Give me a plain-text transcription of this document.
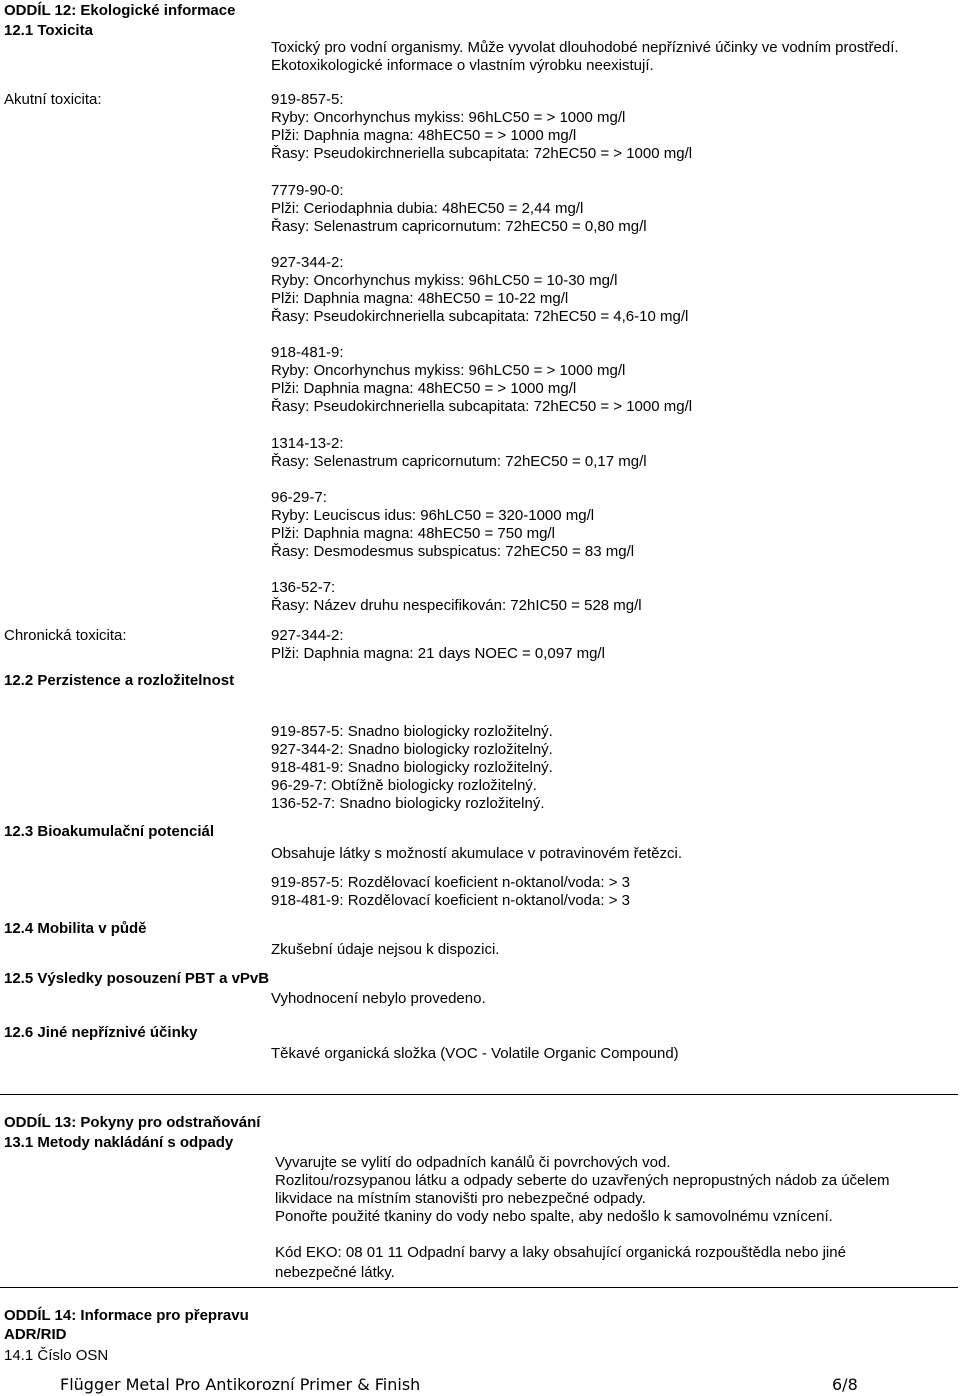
ODDÍL 12: Ekologické informace
12.1 Toxicita
Toxický pro vodní organismy. Může vyvolat dlouhodobé nepříznivé účinky ve vodním prostředí.
Ekotoxikologické informace o vlastním výrobku neexistují.
Akutní toxicita:	919-857-5:
Ryby: Oncorhynchus mykiss: 96hLC50 = > 1000 mg/l
Plži: Daphnia magna: 48hEC50 = > 1000 mg/l
Řasy: Pseudokirchneriella subcapitata: 72hEC50 = > 1000 mg/l
7779-90-0:
Plži: Ceriodaphnia dubia: 48hEC50 = 2,44 mg/l
Řasy: Selenastrum capricornutum: 72hEC50 = 0,80 mg/l
927-344-2:
Ryby: Oncorhynchus mykiss: 96hLC50 = 10-30 mg/l
Plži: Daphnia magna: 48hEC50 = 10-22 mg/l
Řasy: Pseudokirchneriella subcapitata: 72hEC50 = 4,6-10 mg/l
918-481-9:
Ryby: Oncorhynchus mykiss: 96hLC50 = > 1000 mg/l
Plži: Daphnia magna: 48hEC50 = > 1000 mg/l
Řasy: Pseudokirchneriella subcapitata: 72hEC50 = > 1000 mg/l
1314-13-2:
Řasy: Selenastrum capricornutum: 72hEC50 = 0,17 mg/l
96-29-7:
Ryby: Leuciscus idus: 96hLC50 = 320-1000 mg/l
Plži: Daphnia magna: 48hEC50 = 750 mg/l
Řasy: Desmodesmus subspicatus: 72hEC50 = 83 mg/l
136-52-7:
Řasy: Název druhu nespecifikován: 72hIC50 = 528 mg/l
Chronická toxicita:	927-344-2:
Plži: Daphnia magna: 21 days NOEC = 0,097 mg/l
12.2 Perzistence a rozložitelnost
919-857-5: Snadno biologicky rozložitelný.
927-344-2: Snadno biologicky rozložitelný.
918-481-9: Snadno biologicky rozložitelný.
96-29-7: Obtížně biologicky rozložitelný.
136-52-7: Snadno biologicky rozložitelný.
12.3 Bioakumulační potenciál
Obsahuje látky s možností akumulace v potravinovém řetězci.
919-857-5: Rozdělovací koeficient n-oktanol/voda: > 3
918-481-9: Rozdělovací koeficient n-oktanol/voda: > 3
12.4 Mobilita v půdě
Zkušební údaje nejsou k dispozici.
12.5 Výsledky posouzení PBT a vPvB
Vyhodnocení nebylo provedeno.
12.6 Jiné nepříznivé účinky
Těkavé organická složka (VOC - Volatile Organic Compound)
ODDÍL 13: Pokyny pro odstraňování
13.1 Metody nakládání s odpady
Vyvarujte se vylití do odpadních kanálů či povrchových vod.
Rozlitou/rozsypanou látku a odpady seberte do uzavřených nepropustných nádob za účelem
likvidace na místním stanovišti pro nebezpečné odpady.
Ponořte použité tkaniny do vody nebo spalte, aby nedošlo k samovolnému vznícení.
Kód EKO: 08 01 11 Odpadní barvy a laky obsahující organická rozpouštědla nebo jiné
nebezpečné látky.
ODDÍL 14: Informace pro přepravu
ADR/RID
14.1 Číslo OSN
Flügger Metal Pro Antikorozní Primer & Finish	6/8
